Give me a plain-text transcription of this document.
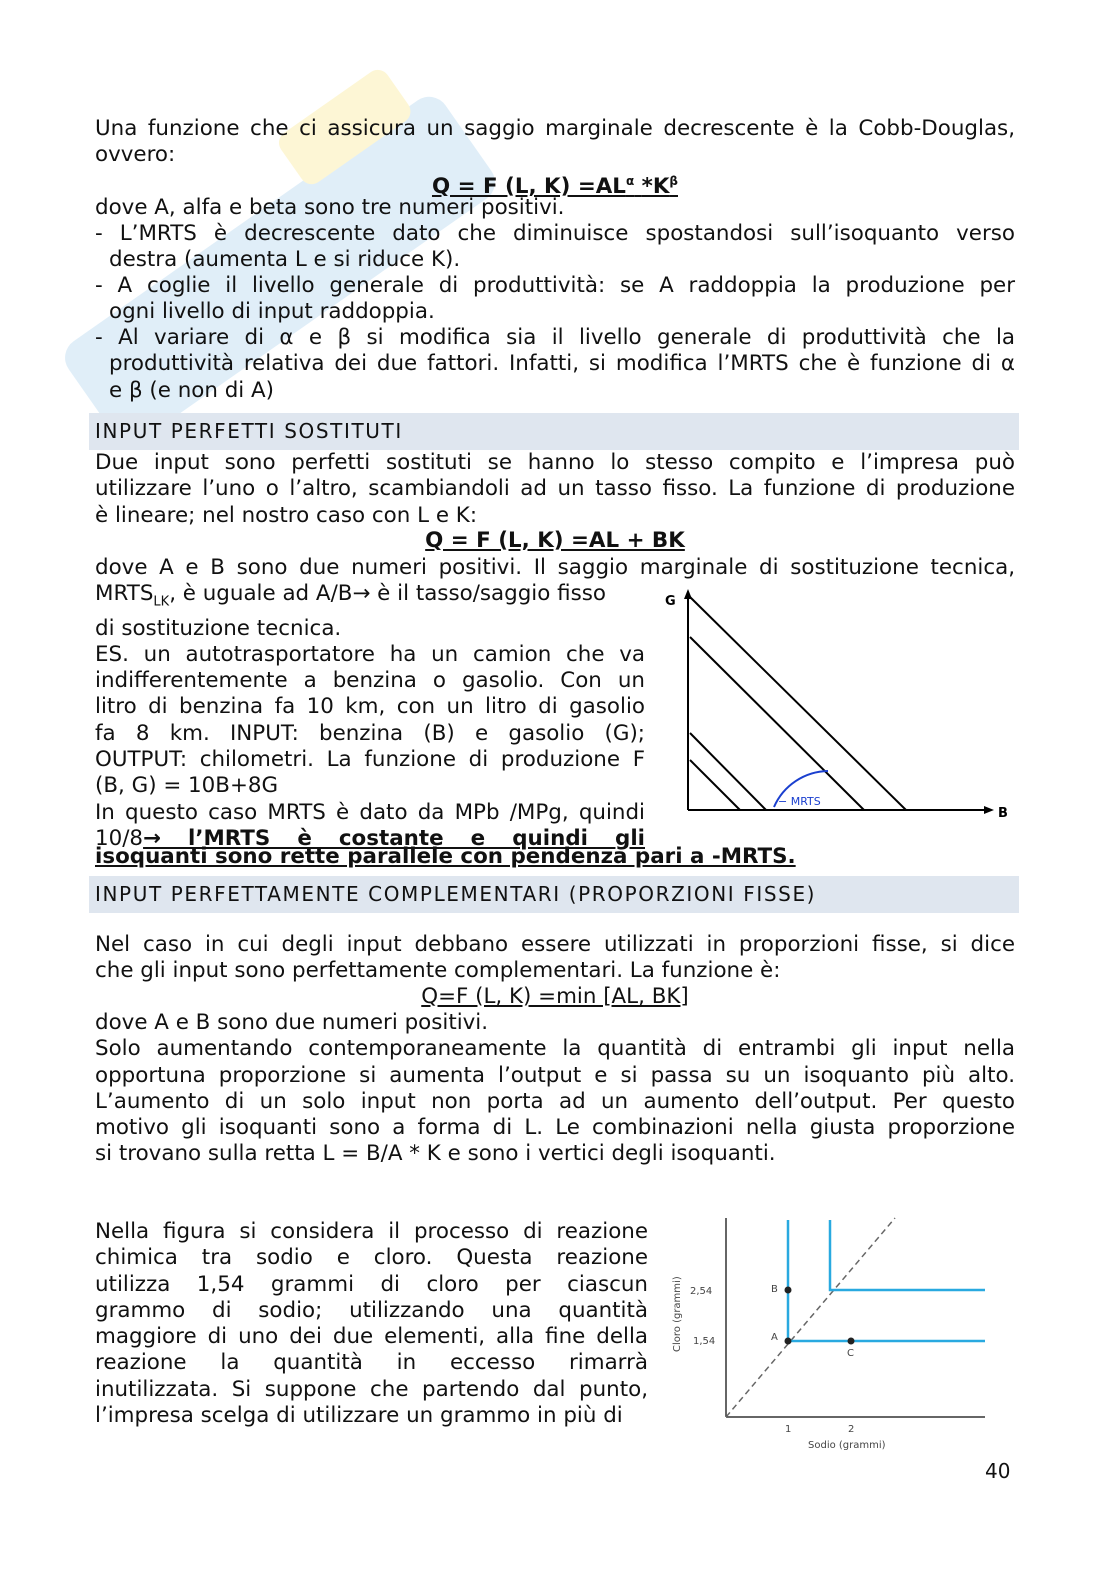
Una funzione che ci assicura un saggio marginale decrescente è la Cobb-Douglas,
ovvero:
Q = F (L, $K) =AL^\alpha$ $*K^\beta$
dove A, alfa e beta sono tre numeri positivi.
- L’MRTS è decrescente dato che diminuisce spostandosi sull’isoquanto verso
destra (aumenta L e si riduce K).
- A coglie il livello generale di produttività: se A raddoppia la produzione per
ogni livello di input raddoppia.
- Al variare di α e β si modifica sia il livello generale di produttività che la
produttività relativa dei due fattori. Infatti, si modifica l’MRTS che è funzione di α
e β (e non di A)
INPUT PERFETTI SOSTITUTI
Due input sono perfetti sostituti se hanno lo stesso compito e l’impresa può
utilizzare l’uno o l’altro, scambiandoli ad un tasso fisso. La funzione di produzione
è lineare; nel nostro caso con L e K:
Q = F (L, K) =AL + BK
dove A e B sono due numeri positivi. Il saggio marginale di sostituzione tecnica,
$MRTS_{LK}$, è uguale ad A/B→ è il tasso/saggio fisso
di sostituzione tecnica.
ES. un autotrasportatore ha un camion che va
indifferentemente a benzina o gasolio. Con un
litro di benzina fa 10 km, con un litro di gasolio
fa 8 km. INPUT: benzina (B) e gasolio (G);
OUTPUT: chilometri. La funzione di produzione F
(B, G) = 10B+8G
In questo caso MRTS è dato da MPb /MPg, quindi
10/8→ l’MRTS è costante e quindi gli
isoquanti sono rette parallele con pendenza pari a -MRTS.
G
B
− MRTS
INPUT PERFETTAMENTE COMPLEMENTARI (PROPORZIONI FISSE)
Nel caso in cui degli input debbano essere utilizzati in proporzioni fisse, si dice
che gli input sono perfettamente complementari. La funzione è:
Q=F (L, K) =min [AL, BK]
dove A e B sono due numeri positivi.
Solo aumentando contemporaneamente la quantità di entrambi gli input nella
opportuna proporzione si aumenta l’output e si passa su un isoquanto più alto.
L’aumento di un solo input non porta ad un aumento dell’output. Per questo
motivo gli isoquanti sono a forma di L. Le combinazioni nella giusta proporzione
si trovano sulla retta L = B/A * K e sono i vertici degli isoquanti.
Nella figura si considera il processo di reazione
chimica tra sodio e cloro. Questa reazione
utilizza 1,54 grammi di cloro per ciascun
grammo di sodio; utilizzando una quantità
maggiore di uno dei due elementi, alla fine della
reazione la quantità in eccesso rimarrà
inutilizzata. Si suppone che partendo dal punto,
l’impresa scelga di utilizzare un grammo in più di
B
A
C
2,54
1,54
1	2
Sodio (grammi)
Cloro (grammi)
40
